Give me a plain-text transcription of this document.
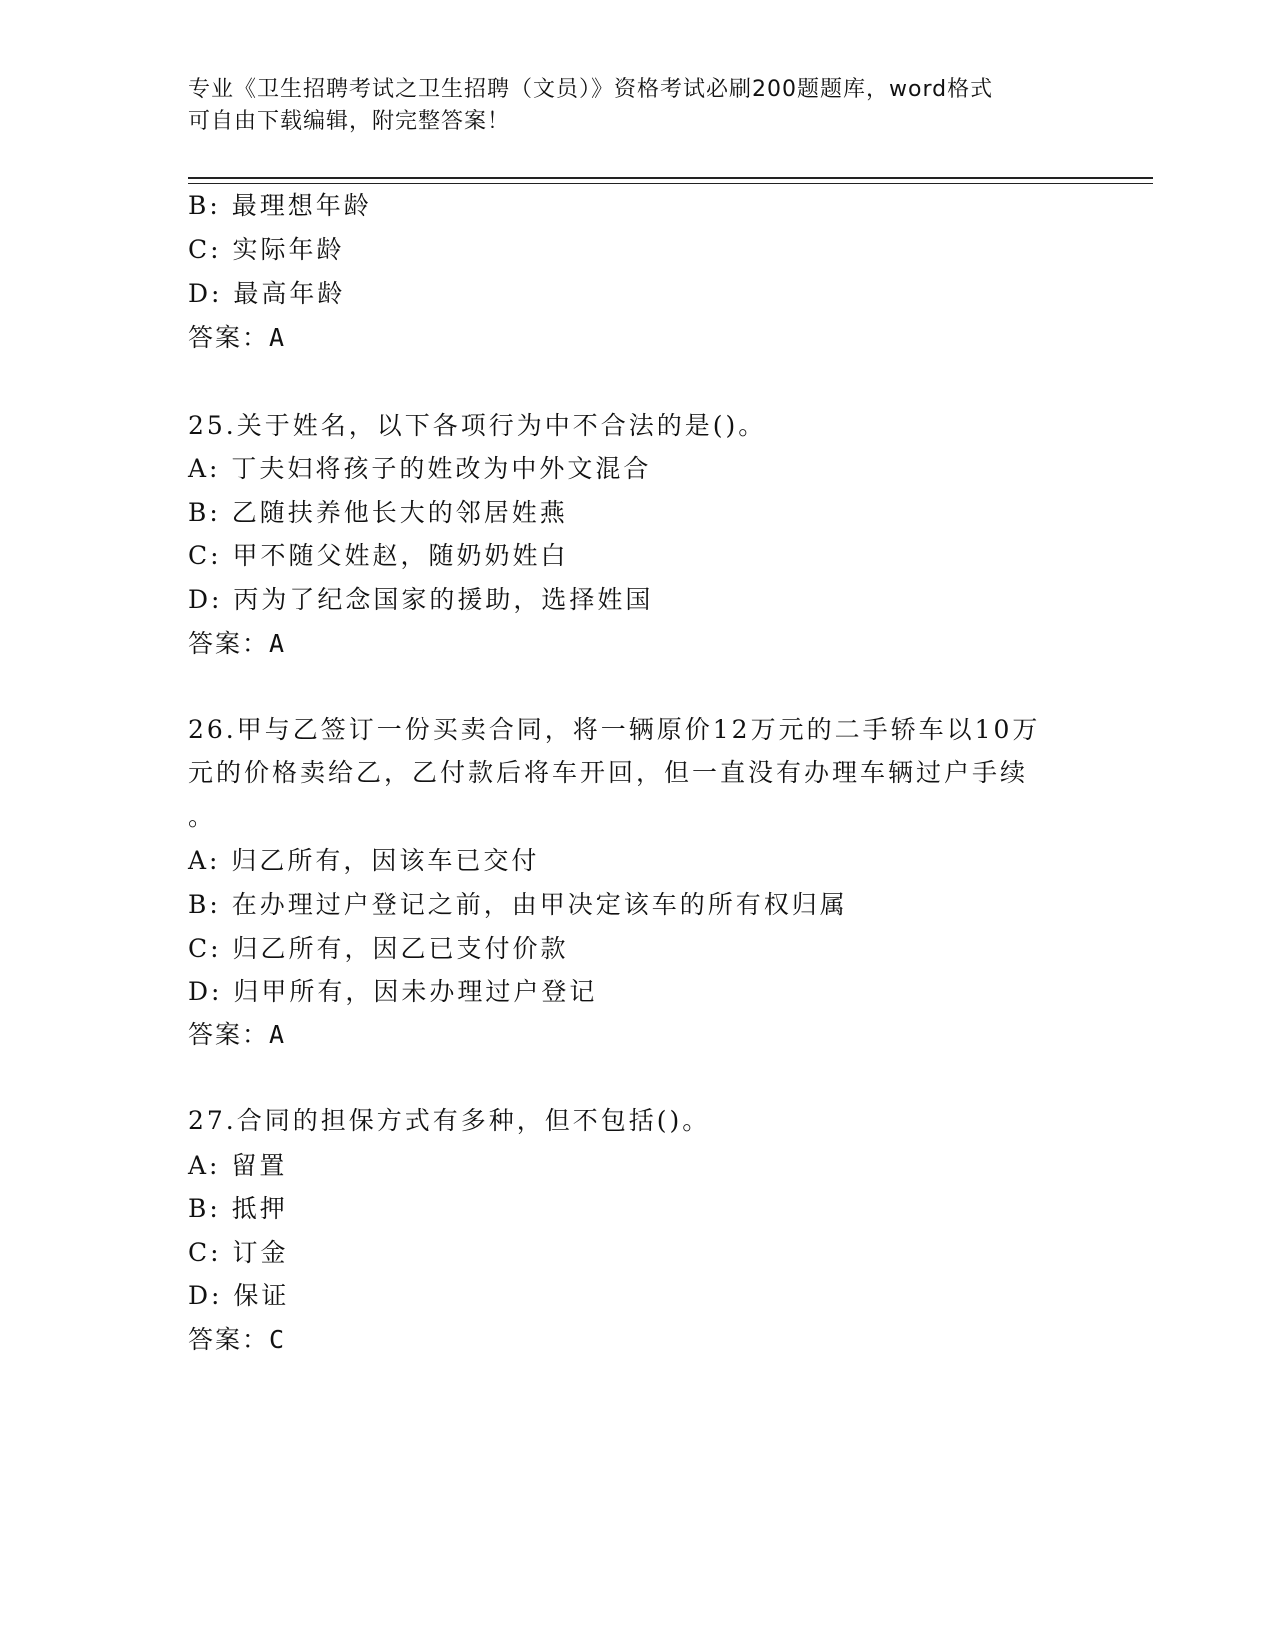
专业《卫生招聘考试之卫生招聘（文员）》资格考试必刷200题题库，word格式
可自由下载编辑，附完整答案！
B: 最理想年龄
C: 实际年龄
D: 最高年龄
答案：A
25.关于姓名，以下各项行为中不合法的是()。
A: 丁夫妇将孩子的姓改为中外文混合
B: 乙随扶养他长大的邻居姓燕
C: 甲不随父姓赵，随奶奶姓白
D: 丙为了纪念国家的援助，选择姓国
答案：A
26.甲与乙签订一份买卖合同，将一辆原价12万元的二手轿车以10万
元的价格卖给乙，乙付款后将车开回，但一直没有办理车辆过户手续
。
A: 归乙所有，因该车已交付
B: 在办理过户登记之前，由甲决定该车的所有权归属
C: 归乙所有，因乙已支付价款
D: 归甲所有，因未办理过户登记
答案：A
27.合同的担保方式有多种，但不包括()。
A: 留置
B: 抵押
C: 订金
D: 保证
答案：C
